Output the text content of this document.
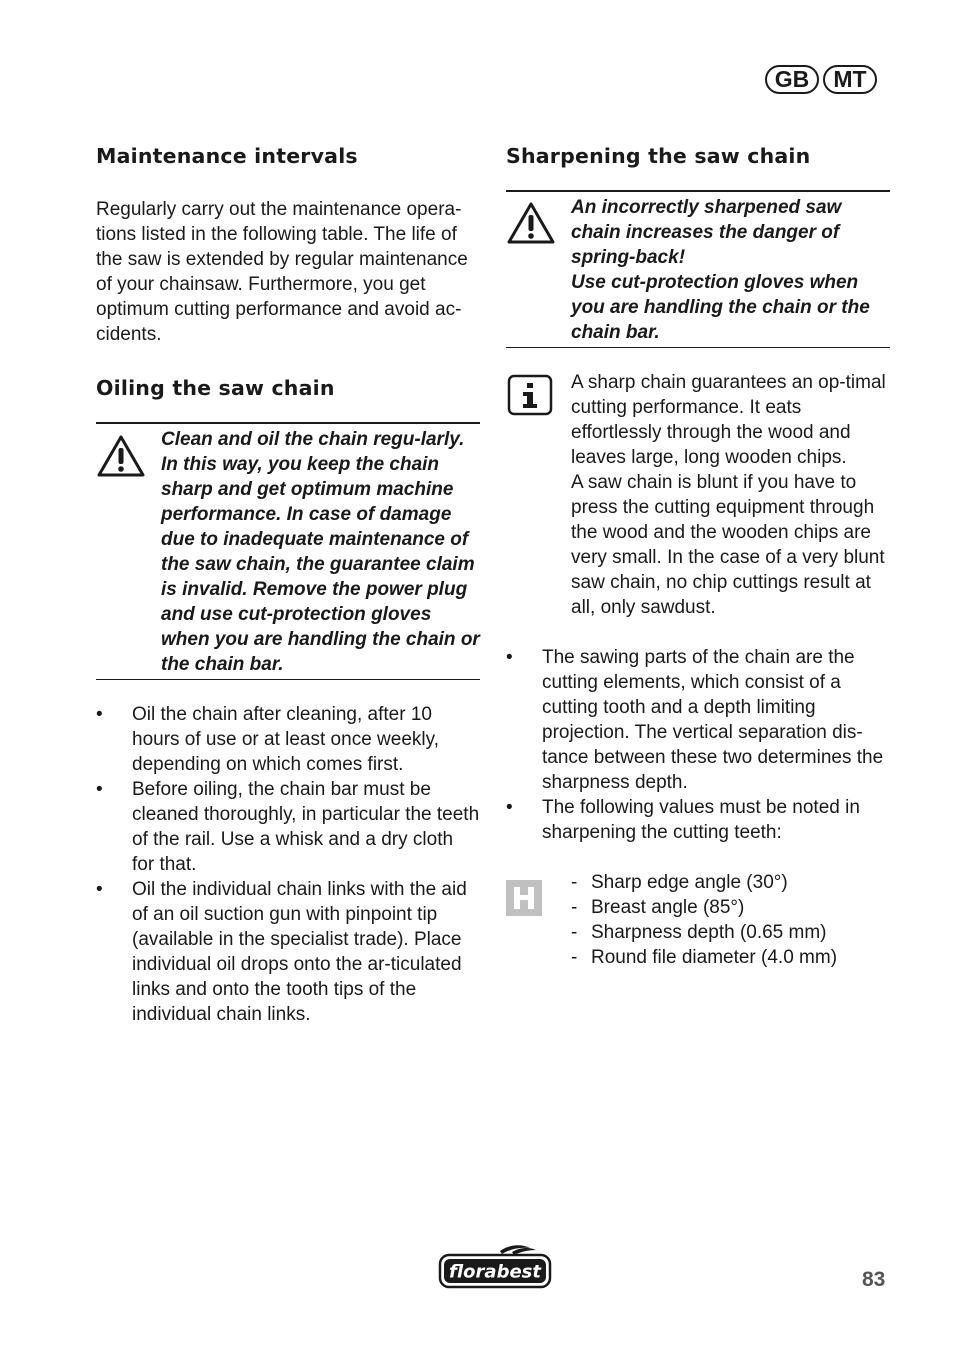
GB	MT
Maintenance intervals

Regularly carry out the maintenance opera-tions listed in the following table. The life of the saw is extended by regular maintenance of your chainsaw. Furthermore, you get optimum cutting performance and avoid ac-cidents.

Oiling the saw chain

Clean and oil the chain regu-larly. In this way, you keep the chain sharp and get optimum machine performance. In case of damage due to inadequate maintenance of the saw chain, the guarantee claim is invalid. Remove the power plug and use cut-protection gloves when you are handling the chain or the chain bar.

• Oil the chain after cleaning, after 10 hours of use or at least once weekly, depending on which comes first.
• Before oiling, the chain bar must be cleaned thoroughly, in particular the teeth of the rail. Use a whisk and a dry cloth for that.
• Oil the individual chain links with the aid of an oil suction gun with pinpoint tip (available in the specialist trade). Place individual oil drops onto the ar-ticulated links and onto the tooth tips of the individual chain links.
Sharpening the saw chain

An incorrectly sharpened saw chain increases the danger of spring-back!

Use cut-protection gloves when you are handling the chain or the chain bar.

A sharp chain guarantees an op-timal cutting performance. It eats effortlessly through the wood and leaves large, long wooden chips.

A saw chain is blunt if you have to press the cutting equipment through the wood and the wooden chips are very small. In the case of a very blunt saw chain, no chip cuttings result at all, only sawdust.

• The sawing parts of the chain are the cutting elements, which consist of a cutting tooth and a depth limiting projection. The vertical separation dis-tance between these two determines the sharpness depth.
• The following values must be noted in sharpening the cutting teeth:
- Sharp edge angle (30°)
- Breast angle (85°)
- Sharpness depth (0.65 mm)
- Round file diameter (4.0 mm)
florabest	83
